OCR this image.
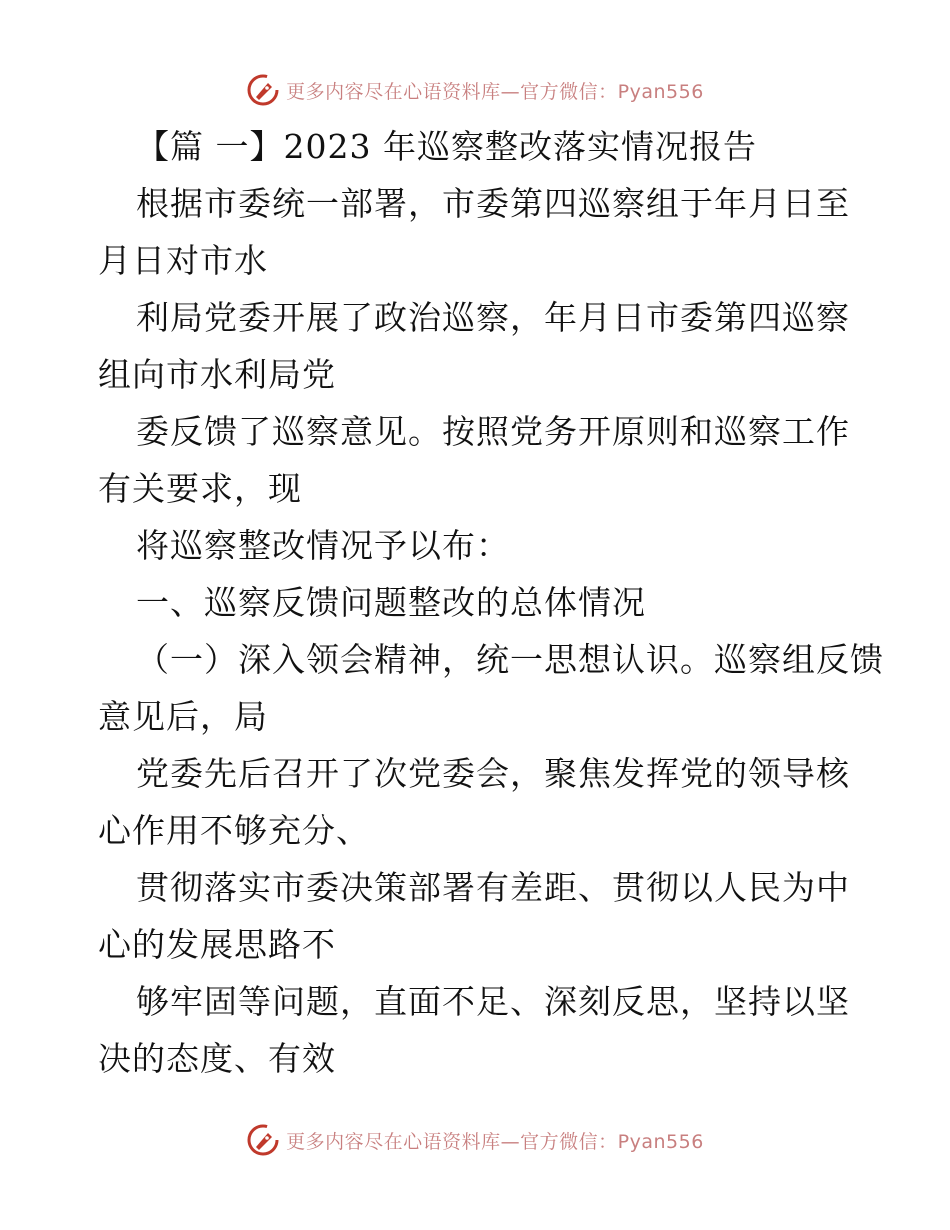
更多内容尽在心语资料库—官方微信：Pyan556
【篇 一】2023 年巡察整改落实情况报告
根据市委统一部署，市委第四巡察组于年月日至
月日对市水
利局党委开展了政治巡察，年月日市委第四巡察
组向市水利局党
委反馈了巡察意见。按照党务开原则和巡察工作
有关要求，现
将巡察整改情况予以布：
一、巡察反馈问题整改的总体情况
（一）深入领会精神，统一思想认识。巡察组反馈
意见后，局
党委先后召开了次党委会，聚焦发挥党的领导核
心作用不够充分、
贯彻落实市委决策部署有差距、贯彻以人民为中
心的发展思路不
够牢固等问题，直面不足、深刻反思，坚持以坚
决的态度、有效
更多内容尽在心语资料库—官方微信：Pyan556
